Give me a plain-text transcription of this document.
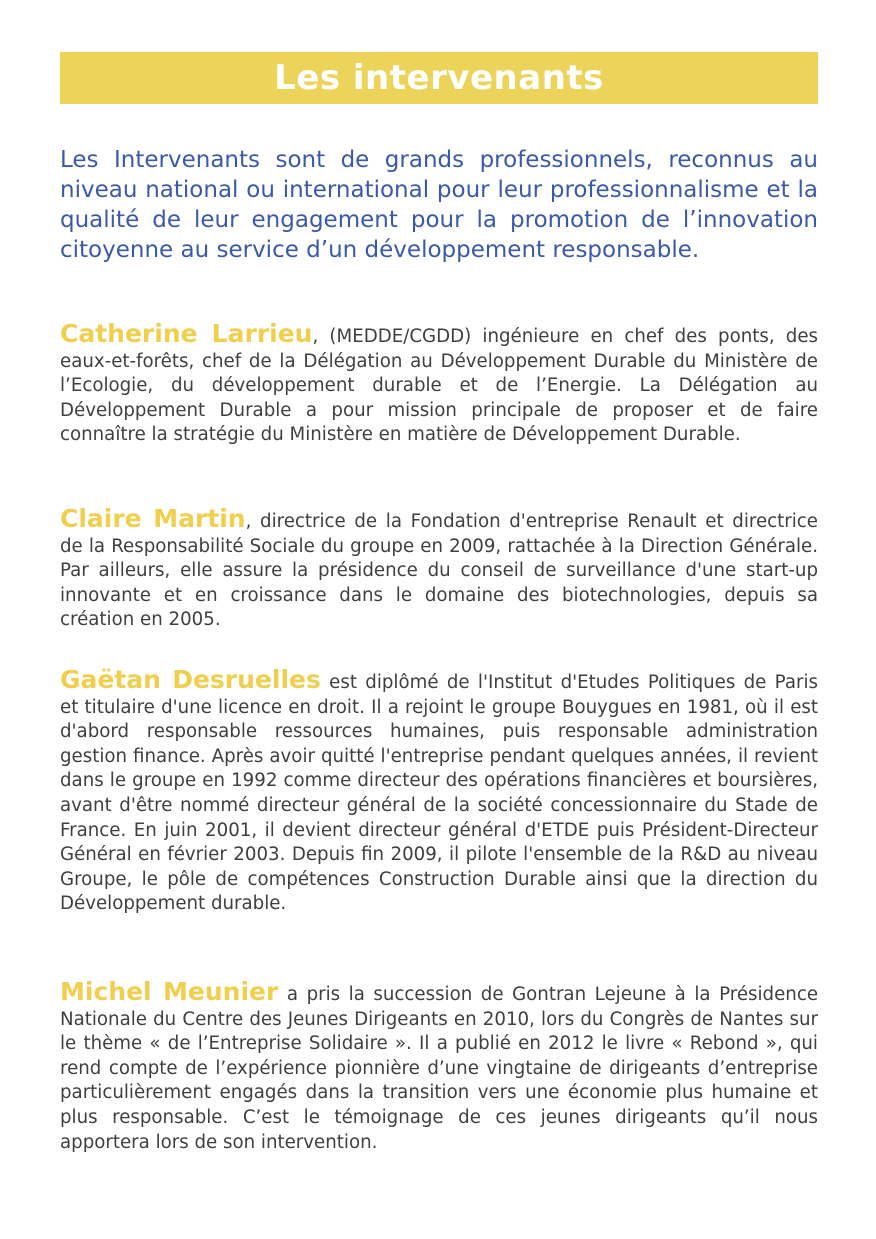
Les intervenants

Les Intervenants sont de grands professionnels, reconnus au niveau national ou international pour leur professionnalisme et la qualité de leur engagement pour la promotion de l’innovation citoyenne au service d’un développement responsable.

Catherine Larrieu, (MEDDE/CGDD) ingénieure en chef des ponts, des eaux-et-forêts, chef de la Délégation au Développement Durable du Ministère de l’Ecologie, du développement durable et de l’Energie. La Délégation au Développement Durable a pour mission principale de proposer et de faire connaître la stratégie du Ministère en matière de Développement Durable.

Claire Martin, directrice de la Fondation d'entreprise Renault et directrice de la Responsabilité Sociale du groupe en 2009, rattachée à la Direction Générale. Par ailleurs, elle assure la présidence du conseil de surveillance d'une start-up innovante et en croissance dans le domaine des biotechnologies, depuis sa création en 2005.

Gaëtan Desruelles est diplômé de l'Institut d'Etudes Politiques de Paris et titulaire d'une licence en droit. Il a rejoint le groupe Bouygues en 1981, où il est d'abord responsable ressources humaines, puis responsable administration gestion finance. Après avoir quitté l'entreprise pendant quelques années, il revient dans le groupe en 1992 comme directeur des opérations financières et boursières, avant d'être nommé directeur général de la société concessionnaire du Stade de France. En juin 2001, il devient directeur général d'ETDE puis Président-Directeur Général en février 2003. Depuis fin 2009, il pilote l'ensemble de la R&D au niveau Groupe, le pôle de compétences Construction Durable ainsi que la direction du Développement durable.

Michel Meunier a pris la succession de Gontran Lejeune à la Présidence Nationale du Centre des Jeunes Dirigeants en 2010, lors du Congrès de Nantes sur le thème « de l’Entreprise Solidaire ». Il a publié en 2012 le livre « Rebond », qui rend compte de l’expérience pionnière d’une vingtaine de dirigeants d’entreprise particulièrement engagés dans la transition vers une économie plus humaine et plus responsable. C’est le témoignage de ces jeunes dirigeants qu’il nous apportera lors de son intervention.
